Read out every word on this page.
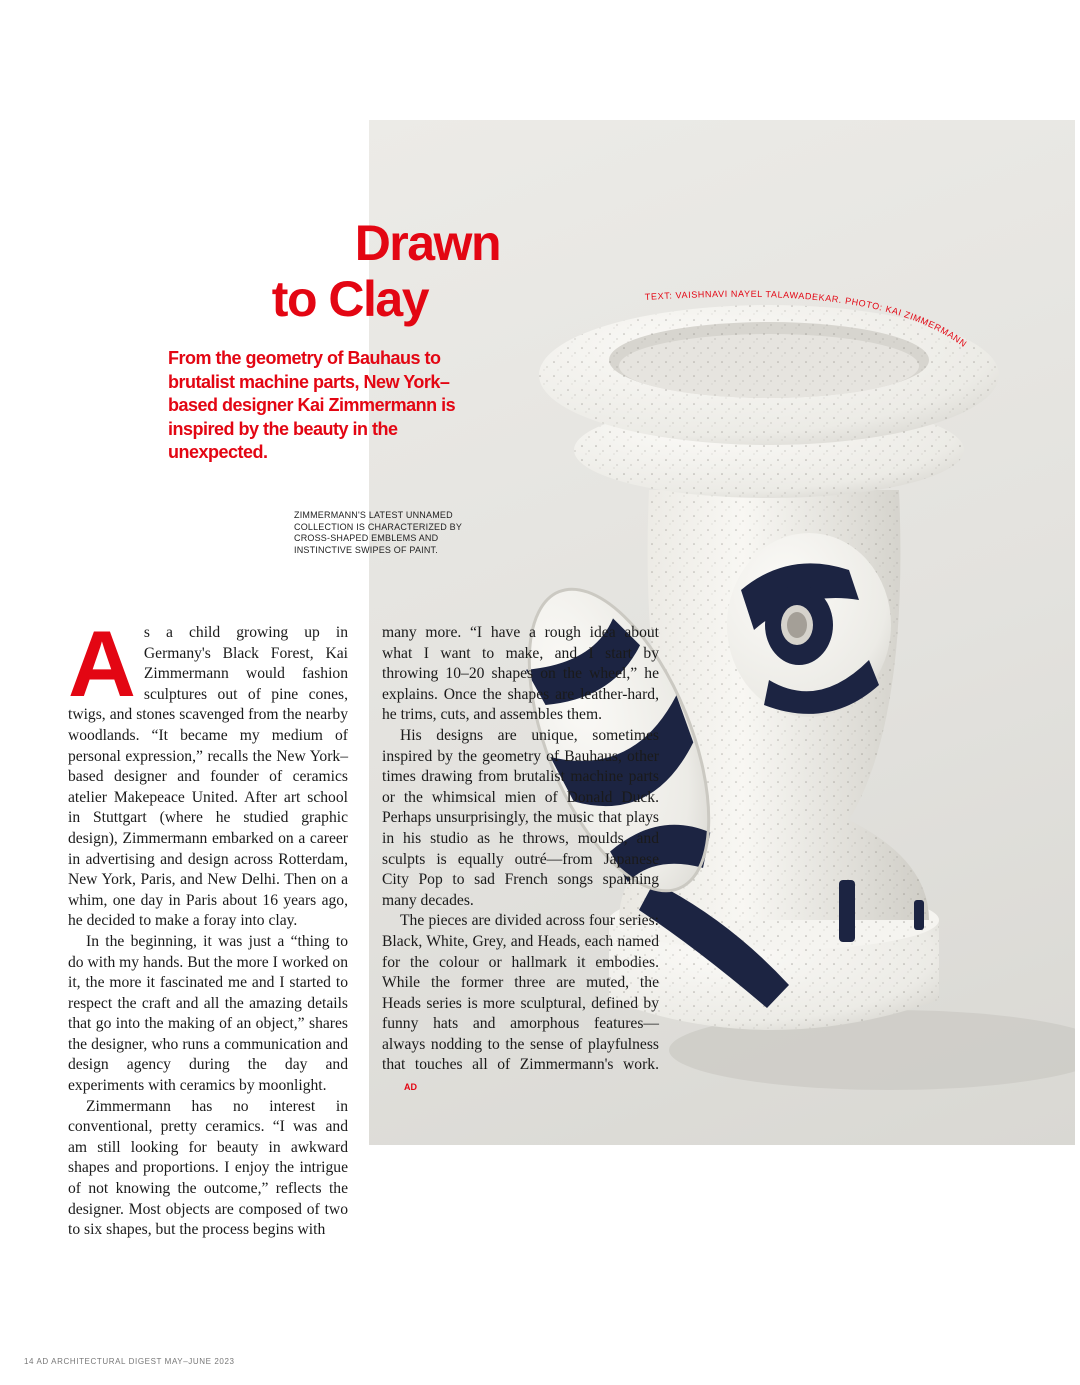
TEXT: VAISHNAVI NAYEL TALAWADEKAR. PHOTO: KAI ZIMMERMANN
Drawn
to Clay

From the geometry of Bauhaus to brutalist machine parts, New York–based designer Kai Zimmermann is inspired by the beauty in the unexpected.

ZIMMERMANN'S LATEST UNNAMED COLLECTION IS CHARACTERIZED BY CROSS-SHAPED EMBLEMS AND INSTINCTIVE SWIPES OF PAINT.

As a child growing up in Germany's Black Forest, Kai Zimmermann would fashion sculptures out of pine cones, twigs, and stones scavenged from the nearby woodlands. “It became my medium of personal expression,” recalls the New York–based designer and founder of ceramics atelier Makepeace United. After art school in Stuttgart (where he studied graphic design), Zimmermann embarked on a career in advertising and design across Rotterdam, New York, Paris, and New Delhi. Then on a whim, one day in Paris about 16 years ago, he decided to make a foray into clay.

In the beginning, it was just a “thing to do with my hands. But the more I worked on it, the more it fascinated me and I started to respect the craft and all the amazing details that go into the making of an object,” shares the designer, who runs a communication and design agency during the day and experiments with ceramics by moonlight.

Zimmermann has no interest in conventional, pretty ceramics. “I was and am still looking for beauty in awkward shapes and proportions. I enjoy the intrigue of not knowing the outcome,” reflects the designer. Most objects are composed of two to six shapes, but the process begins with

many more. “I have a rough idea about what I want to make, and I start by throwing 10–20 shapes on the wheel,” he explains. Once the shapes are leather-hard, he trims, cuts, and assembles them.

His designs are unique, sometimes inspired by the geometry of Bauhaus, other times drawing from brutalist machine parts or the whimsical mien of Donald Duck. Perhaps unsurprisingly, the music that plays in his studio as he throws, moulds, and sculpts is equally outré—from Japanese City Pop to sad French songs spanning many decades.

The pieces are divided across four series: Black, White, Grey, and Heads, each named for the colour or hallmark it embodies. While the former three are muted, the Heads series is more sculptural, defined by funny hats and amorphous features—always nodding to the sense of playfulness that touches all of Zimmermann's work.AD

14 AD ARCHITECTURAL DIGEST MAY–JUNE 2023
